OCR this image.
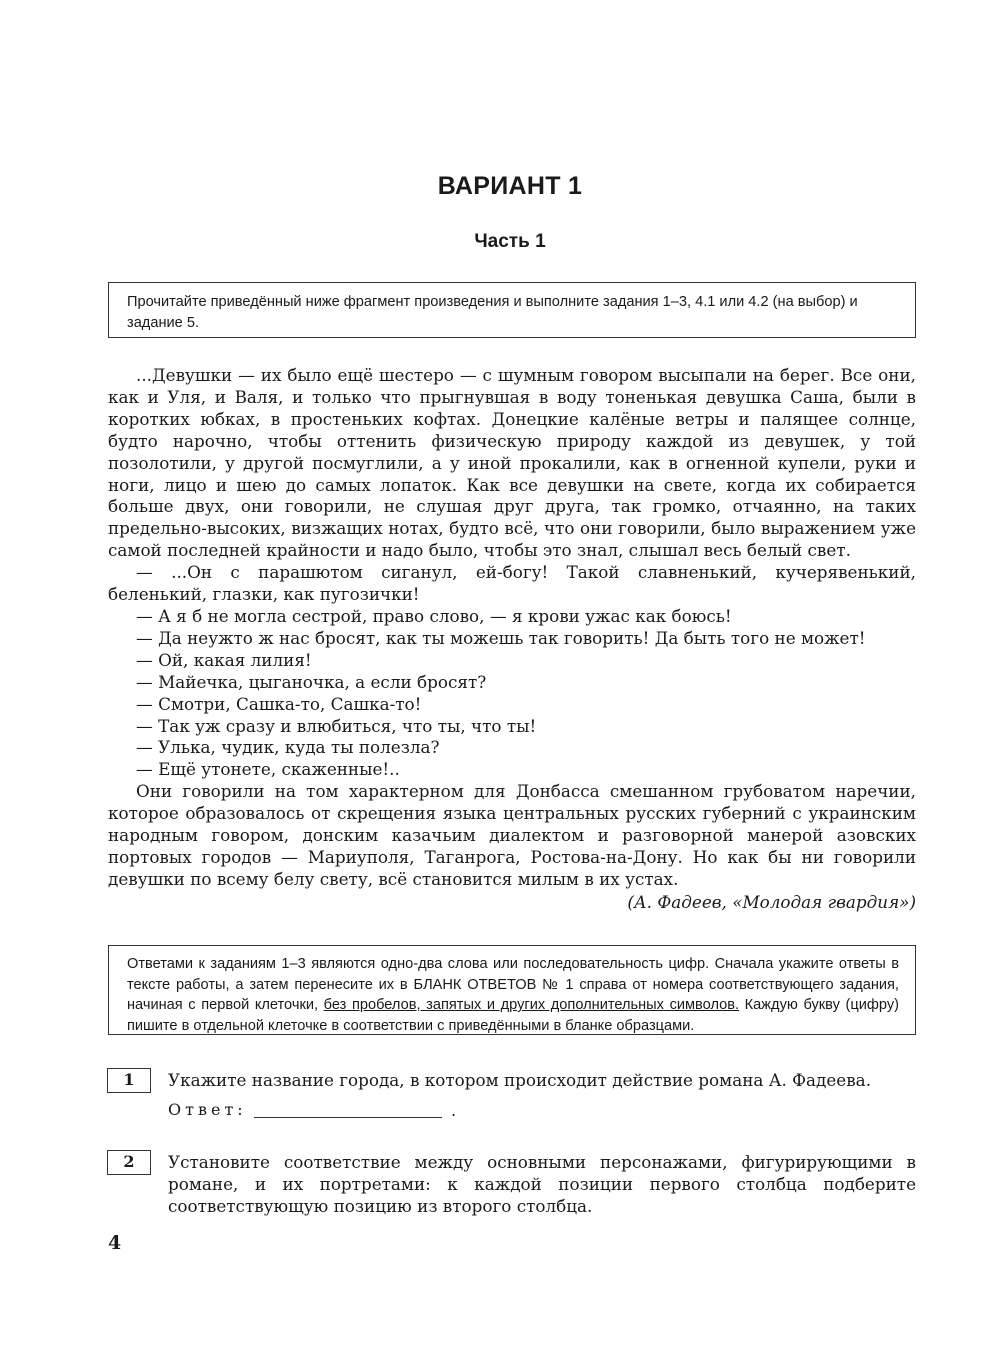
ВАРИАНТ 1
Часть 1
Прочитайте приведённый ниже фрагмент произведения и выполните задания 1–3, 4.1 или 4.2 (на выбор) и задание 5.

...Девушки — их было ещё шестеро — с шумным говором высыпали на берег. Все они, как и Уля, и Валя, и только что прыгнувшая в воду тоненькая девушка Саша, были в коротких юбках, в простеньких кофтах. Донецкие калёные ветры и палящее солнце, будто нарочно, чтобы оттенить физическую природу каждой из девушек, у той позолотили, у другой посмуглили, а у иной прокалили, как в огненной купели, руки и ноги, лицо и шею до самых лопаток. Как все девушки на свете, когда их собирается больше двух, они говорили, не слушая друг друга, так громко, отчаянно, на таких предельно-высоких, визжащих нотах, будто всё, что они говорили, было выражением уже самой последней крайности и надо было, чтобы это знал, слышал весь белый свет.

— ...Он с парашютом сиганул, ей-богу! Такой славненький, кучерявенький, беленький, глазки, как пугозички!

— А я б не могла сестрой, право слово, — я крови ужас как боюсь!

— Да неужто ж нас бросят, как ты можешь так говорить! Да быть того не может!

— Ой, какая лилия!

— Майечка, цыганочка, а если бросят?

— Смотри, Сашка-то, Сашка-то!

— Так уж сразу и влюбиться, что ты, что ты!

— Улька, чудик, куда ты полезла?

— Ещё утонете, скаженные!..

Они говорили на том характерном для Донбасса смешанном грубоватом наречии, которое образовалось от скрещения языка центральных русских губерний с украинским народным говором, донским казачьим диалектом и разговорной манерой азовских портовых городов — Мариуполя, Таганрога, Ростова-на-Дону. Но как бы ни говорили девушки по всему белу свету, всё становится милым в их устах.

(А. Фадеев, «Молодая гвардия»)

Ответами к заданиям 1–3 являются одно-два слова или последовательность цифр. Сначала укажите ответы в тексте работы, а затем перенесите их в БЛАНК ОТВЕТОВ № 1 справа от номера соответствующего задания, начиная с первой клеточки, без пробелов, запятых и других дополнительных символов. Каждую букву (цифру) пишите в отдельной клеточке в соответствии с приведёнными в бланке образцами.

1	Укажите название города, в котором происходит действие романа А. Фадеева.
Ответ:	.
2	Установите соответствие между основными персонажами, фигурирующими в романе, и их портретами: к каждой позиции первого столбца подберите соответствующую позицию из второго столбца.
4
